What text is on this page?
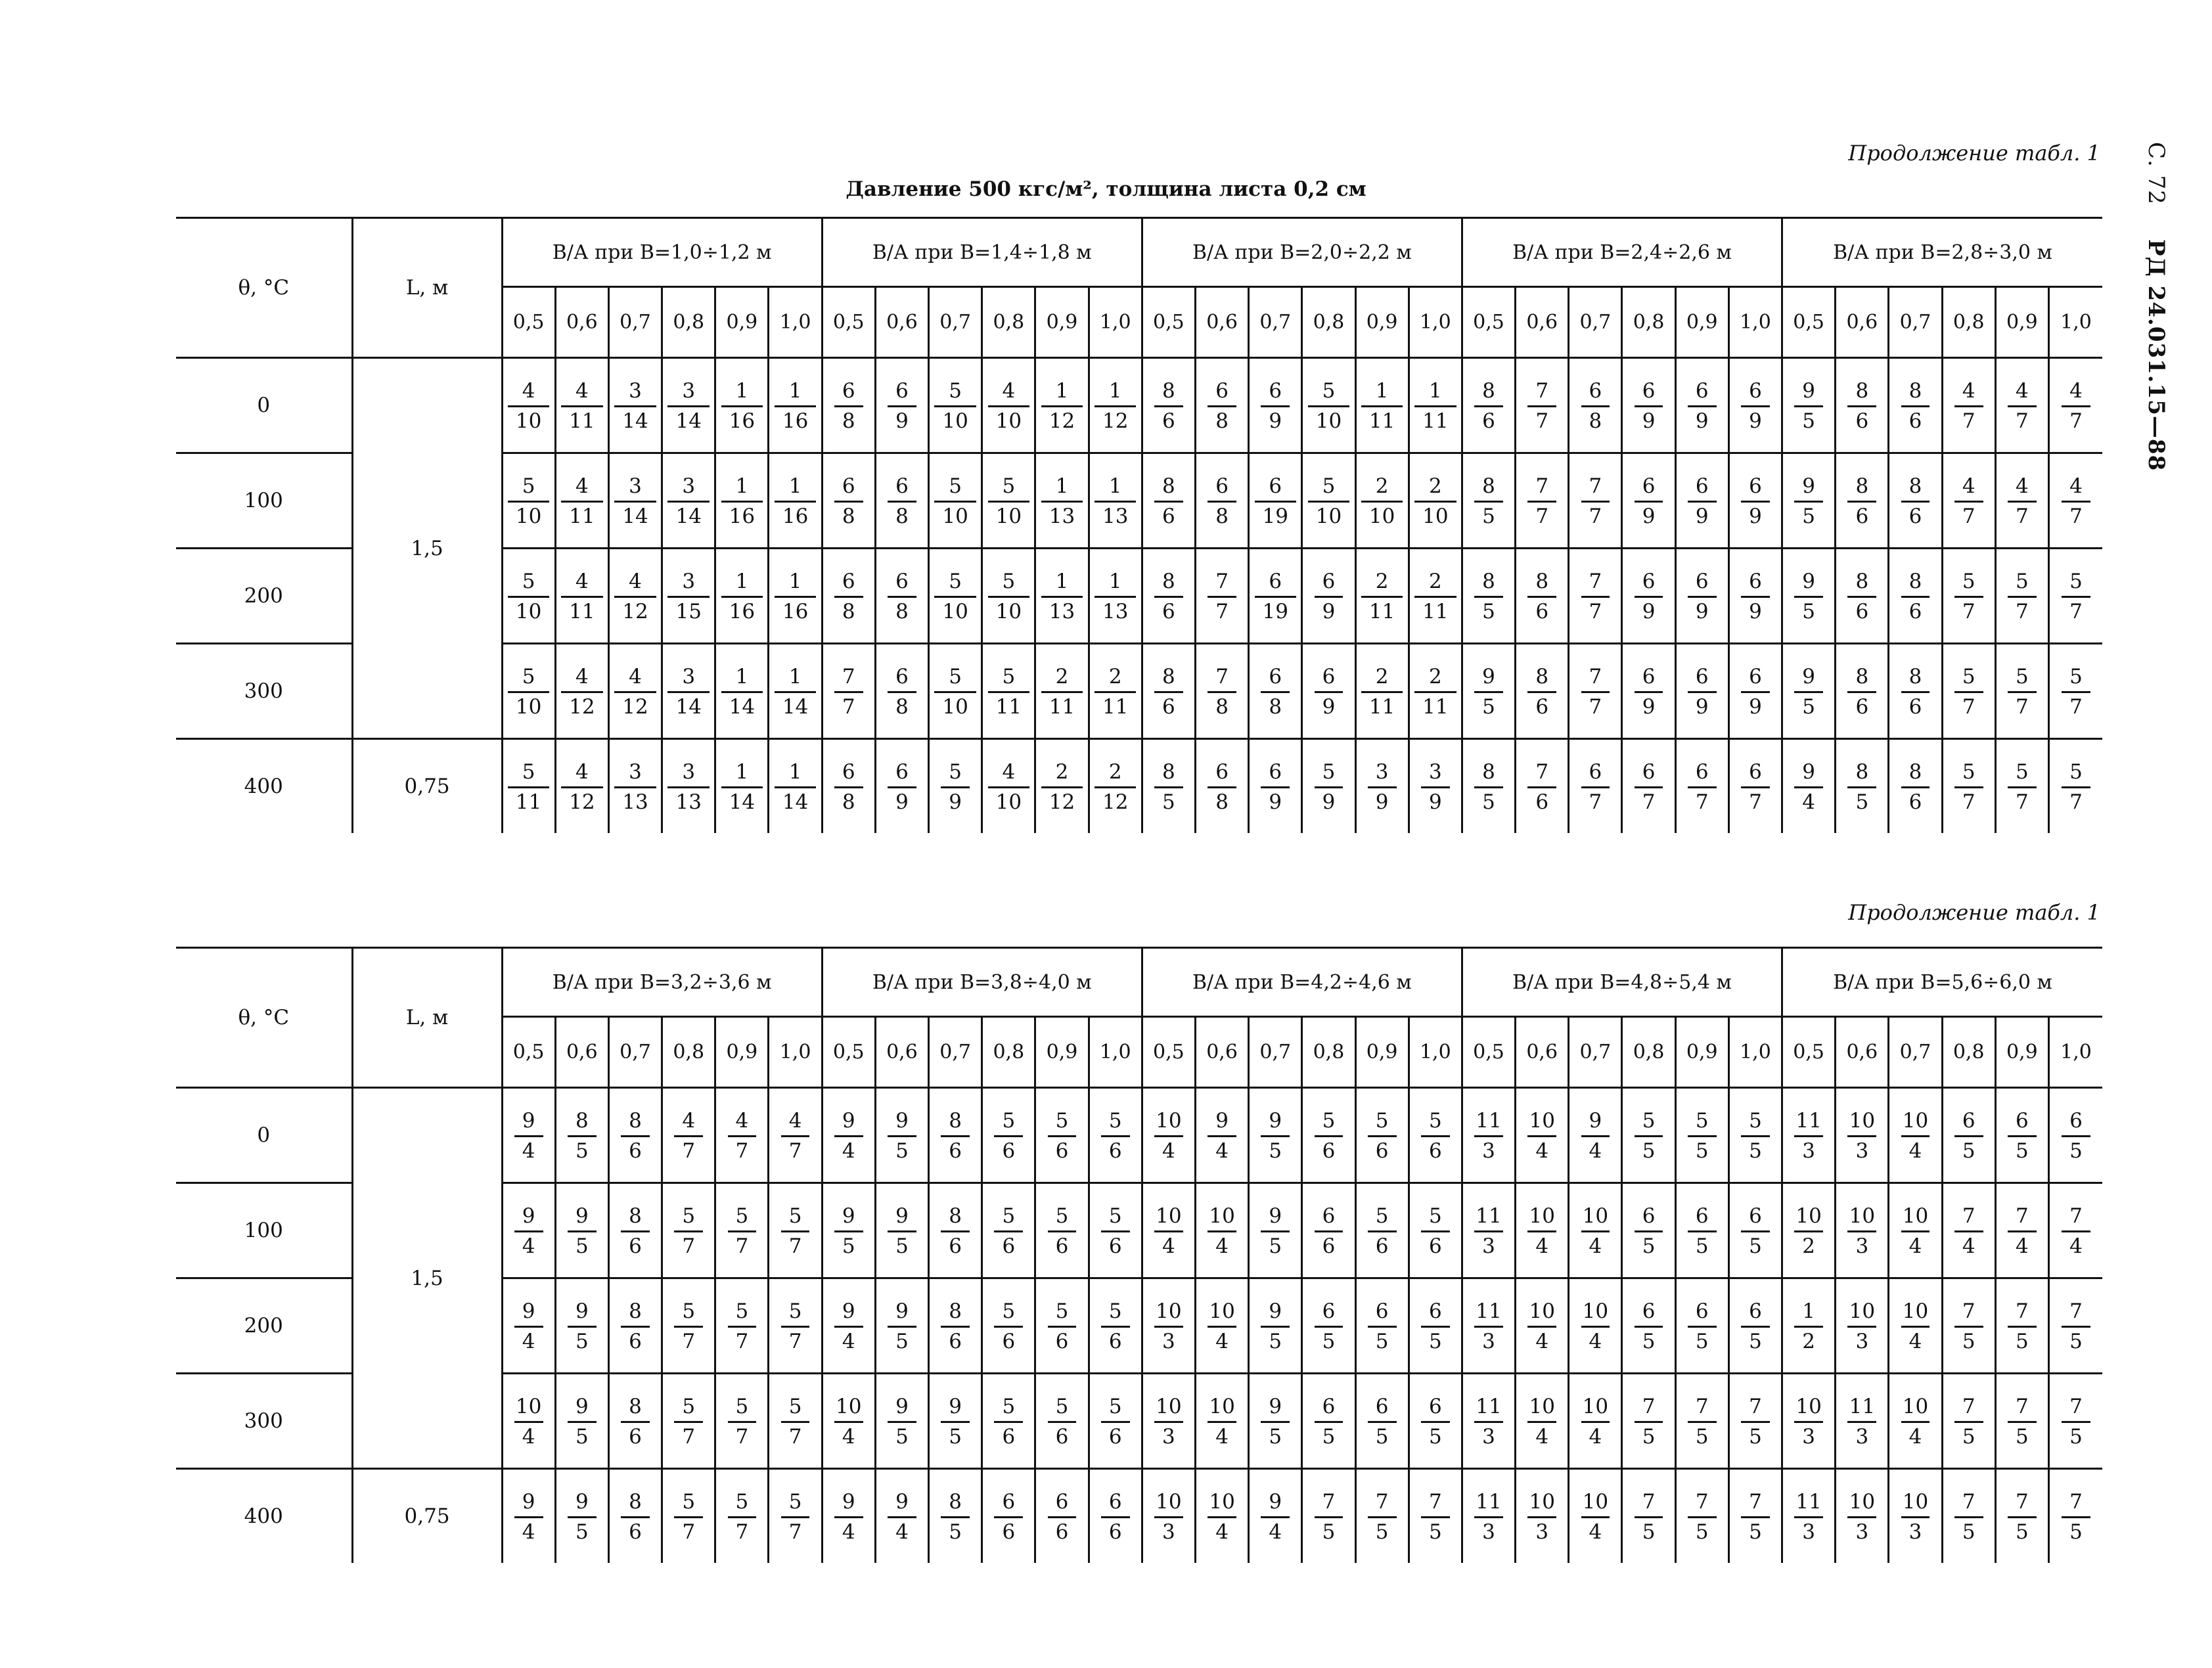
Продолжение табл. 1 С. 72 РД 24.031.15—88
Давление 500 кгс/м², толщина листа 0,2 см
θ, °С	L, м	В/А при В=1,0÷1,2 м						В/А при В=1,4÷1,8 м						В/А при В=2,0÷2,2 м						В/А при В=2,4÷2,6 м						В/А при В=2,8÷3,0 м					
		0,5	0,6	0,7	0,8	0,9	1,0	0,5	0,6	0,7	0,8	0,9	1,0	0,5	0,6	0,7	0,8	0,9	1,0	0,5	0,6	0,7	0,8	0,9	1,0	0,5	0,6	0,7	0,8	0,9	1,0
0	1,5	$\frac{4}{10}$	$\frac{4}{11}$	$\frac{3}{14}$	$\frac{3}{14}$	$\frac{1}{16}$	$\frac{1}{16}$	$\frac{6}{8}$	$\frac{6}{9}$	$\frac{5}{10}$	$\frac{4}{10}$	$\frac{1}{12}$	$\frac{1}{12}$	$\frac{8}{6}$	$\frac{6}{8}$	$\frac{6}{9}$	$\frac{5}{10}$	$\frac{1}{11}$	$\frac{1}{11}$	$\frac{8}{6}$	$\frac{7}{7}$	$\frac{6}{8}$	$\frac{6}{9}$	$\frac{6}{9}$	$\frac{6}{9}$	$\frac{9}{5}$	$\frac{8}{6}$	$\frac{8}{6}$	$\frac{4}{7}$	$\frac{4}{7}$	$\frac{4}{7}$

100		$\frac{5}{10}$	$\frac{4}{11}$	$\frac{3}{14}$	$\frac{3}{14}$	$\frac{1}{16}$	$\frac{1}{16}$	$\frac{6}{8}$	$\frac{6}{8}$	$\frac{5}{10}$	$\frac{5}{10}$	$\frac{1}{13}$	$\frac{1}{13}$	$\frac{8}{6}$	$\frac{6}{8}$	$\frac{6}{19}$	$\frac{5}{10}$	$\frac{2}{10}$	$\frac{2}{10}$	$\frac{8}{5}$	$\frac{7}{7}$	$\frac{7}{7}$	$\frac{6}{9}$	$\frac{6}{9}$	$\frac{6}{9}$	$\frac{9}{5}$	$\frac{8}{6}$	$\frac{8}{6}$	$\frac{4}{7}$	$\frac{4}{7}$	$\frac{4}{7}$

200		$\frac{5}{10}$	$\frac{4}{11}$	$\frac{4}{12}$	$\frac{3}{15}$	$\frac{1}{16}$	$\frac{1}{16}$	$\frac{6}{8}$	$\frac{6}{8}$	$\frac{5}{10}$	$\frac{5}{10}$	$\frac{1}{13}$	$\frac{1}{13}$	$\frac{8}{6}$	$\frac{7}{7}$	$\frac{6}{19}$	$\frac{6}{9}$	$\frac{2}{11}$	$\frac{2}{11}$	$\frac{8}{5}$	$\frac{8}{6}$	$\frac{7}{7}$	$\frac{6}{9}$	$\frac{6}{9}$	$\frac{6}{9}$	$\frac{9}{5}$	$\frac{8}{6}$	$\frac{8}{6}$	$\frac{5}{7}$	$\frac{5}{7}$	$\frac{5}{7}$

300		$\frac{5}{10}$	$\frac{4}{12}$	$\frac{4}{12}$	$\frac{3}{14}$	$\frac{1}{14}$	$\frac{1}{14}$	$\frac{7}{7}$	$\frac{6}{8}$	$\frac{5}{10}$	$\frac{5}{11}$	$\frac{2}{11}$	$\frac{2}{11}$	$\frac{8}{6}$	$\frac{7}{8}$	$\frac{6}{8}$	$\frac{6}{9}$	$\frac{2}{11}$	$\frac{2}{11}$	$\frac{9}{5}$	$\frac{8}{6}$	$\frac{7}{7}$	$\frac{6}{9}$	$\frac{6}{9}$	$\frac{6}{9}$	$\frac{9}{5}$	$\frac{8}{6}$	$\frac{8}{6}$	$\frac{5}{7}$	$\frac{5}{7}$	$\frac{5}{7}$

400	0,75	$\frac{5}{11}$	$\frac{4}{12}$	$\frac{3}{13}$	$\frac{3}{13}$	$\frac{1}{14}$	$\frac{1}{14}$	$\frac{6}{8}$	$\frac{6}{9}$	$\frac{5}{9}$	$\frac{4}{10}$	$\frac{2}{12}$	$\frac{2}{12}$	$\frac{8}{5}$	$\frac{6}{8}$	$\frac{6}{9}$	$\frac{5}{9}$	$\frac{3}{9}$	$\frac{3}{9}$	$\frac{8}{5}$	$\frac{7}{6}$	$\frac{6}{7}$	$\frac{6}{7}$	$\frac{6}{7}$	$\frac{6}{7}$	$\frac{9}{4}$	$\frac{8}{5}$	$\frac{8}{6}$	$\frac{5}{7}$	$\frac{5}{7}$	$\frac{5}{7}$
Продолжение табл. 1
θ, °С	L, м	В/А при В=3,2÷3,6 м						В/А при В=3,8÷4,0 м						В/А при В=4,2÷4,6 м						В/А при В=4,8÷5,4 м						В/А при В=5,6÷6,0 м					
		0,5	0,6	0,7	0,8	0,9	1,0	0,5	0,6	0,7	0,8	0,9	1,0	0,5	0,6	0,7	0,8	0,9	1,0	0,5	0,6	0,7	0,8	0,9	1,0	0,5	0,6	0,7	0,8	0,9	1,0
0	1,5	$\frac{9}{4}$	$\frac{8}{5}$	$\frac{8}{6}$	$\frac{4}{7}$	$\frac{4}{7}$	$\frac{4}{7}$	$\frac{9}{4}$	$\frac{9}{5}$	$\frac{8}{6}$	$\frac{5}{6}$	$\frac{5}{6}$	$\frac{5}{6}$	$\frac{10}{4}$	$\frac{9}{4}$	$\frac{9}{5}$	$\frac{5}{6}$	$\frac{5}{6}$	$\frac{5}{6}$	$\frac{11}{3}$	$\frac{10}{4}$	$\frac{9}{4}$	$\frac{5}{5}$	$\frac{5}{5}$	$\frac{5}{5}$	$\frac{11}{3}$	$\frac{10}{3}$	$\frac{10}{4}$	$\frac{6}{5}$	$\frac{6}{5}$	$\frac{6}{5}$

100		$\frac{9}{4}$	$\frac{9}{5}$	$\frac{8}{6}$	$\frac{5}{7}$	$\frac{5}{7}$	$\frac{5}{7}$	$\frac{9}{5}$	$\frac{9}{5}$	$\frac{8}{6}$	$\frac{5}{6}$	$\frac{5}{6}$	$\frac{5}{6}$	$\frac{10}{4}$	$\frac{10}{4}$	$\frac{9}{5}$	$\frac{6}{6}$	$\frac{5}{6}$	$\frac{5}{6}$	$\frac{11}{3}$	$\frac{10}{4}$	$\frac{10}{4}$	$\frac{6}{5}$	$\frac{6}{5}$	$\frac{6}{5}$	$\frac{10}{2}$	$\frac{10}{3}$	$\frac{10}{4}$	$\frac{7}{4}$	$\frac{7}{4}$	$\frac{7}{4}$

200		$\frac{9}{4}$	$\frac{9}{5}$	$\frac{8}{6}$	$\frac{5}{7}$	$\frac{5}{7}$	$\frac{5}{7}$	$\frac{9}{4}$	$\frac{9}{5}$	$\frac{8}{6}$	$\frac{5}{6}$	$\frac{5}{6}$	$\frac{5}{6}$	$\frac{10}{3}$	$\frac{10}{4}$	$\frac{9}{5}$	$\frac{6}{5}$	$\frac{6}{5}$	$\frac{6}{5}$	$\frac{11}{3}$	$\frac{10}{4}$	$\frac{10}{4}$	$\frac{6}{5}$	$\frac{6}{5}$	$\frac{6}{5}$	$\frac{1}{2}$	$\frac{10}{3}$	$\frac{10}{4}$	$\frac{7}{5}$	$\frac{7}{5}$	$\frac{7}{5}$

300		$\frac{10}{4}$	$\frac{9}{5}$	$\frac{8}{6}$	$\frac{5}{7}$	$\frac{5}{7}$	$\frac{5}{7}$	$\frac{10}{4}$	$\frac{9}{5}$	$\frac{9}{5}$	$\frac{5}{6}$	$\frac{5}{6}$	$\frac{5}{6}$	$\frac{10}{3}$	$\frac{10}{4}$	$\frac{9}{5}$	$\frac{6}{5}$	$\frac{6}{5}$	$\frac{6}{5}$	$\frac{11}{3}$	$\frac{10}{4}$	$\frac{10}{4}$	$\frac{7}{5}$	$\frac{7}{5}$	$\frac{7}{5}$	$\frac{10}{3}$	$\frac{11}{3}$	$\frac{10}{4}$	$\frac{7}{5}$	$\frac{7}{5}$	$\frac{7}{5}$

400	0,75	$\frac{9}{4}$	$\frac{9}{5}$	$\frac{8}{6}$	$\frac{5}{7}$	$\frac{5}{7}$	$\frac{5}{7}$	$\frac{9}{4}$	$\frac{9}{4}$	$\frac{8}{5}$	$\frac{6}{6}$	$\frac{6}{6}$	$\frac{6}{6}$	$\frac{10}{3}$	$\frac{10}{4}$	$\frac{9}{4}$	$\frac{7}{5}$	$\frac{7}{5}$	$\frac{7}{5}$	$\frac{11}{3}$	$\frac{10}{3}$	$\frac{10}{4}$	$\frac{7}{5}$	$\frac{7}{5}$	$\frac{7}{5}$	$\frac{11}{3}$	$\frac{10}{3}$	$\frac{10}{3}$	$\frac{7}{5}$	$\frac{7}{5}$	$\frac{7}{5}$
